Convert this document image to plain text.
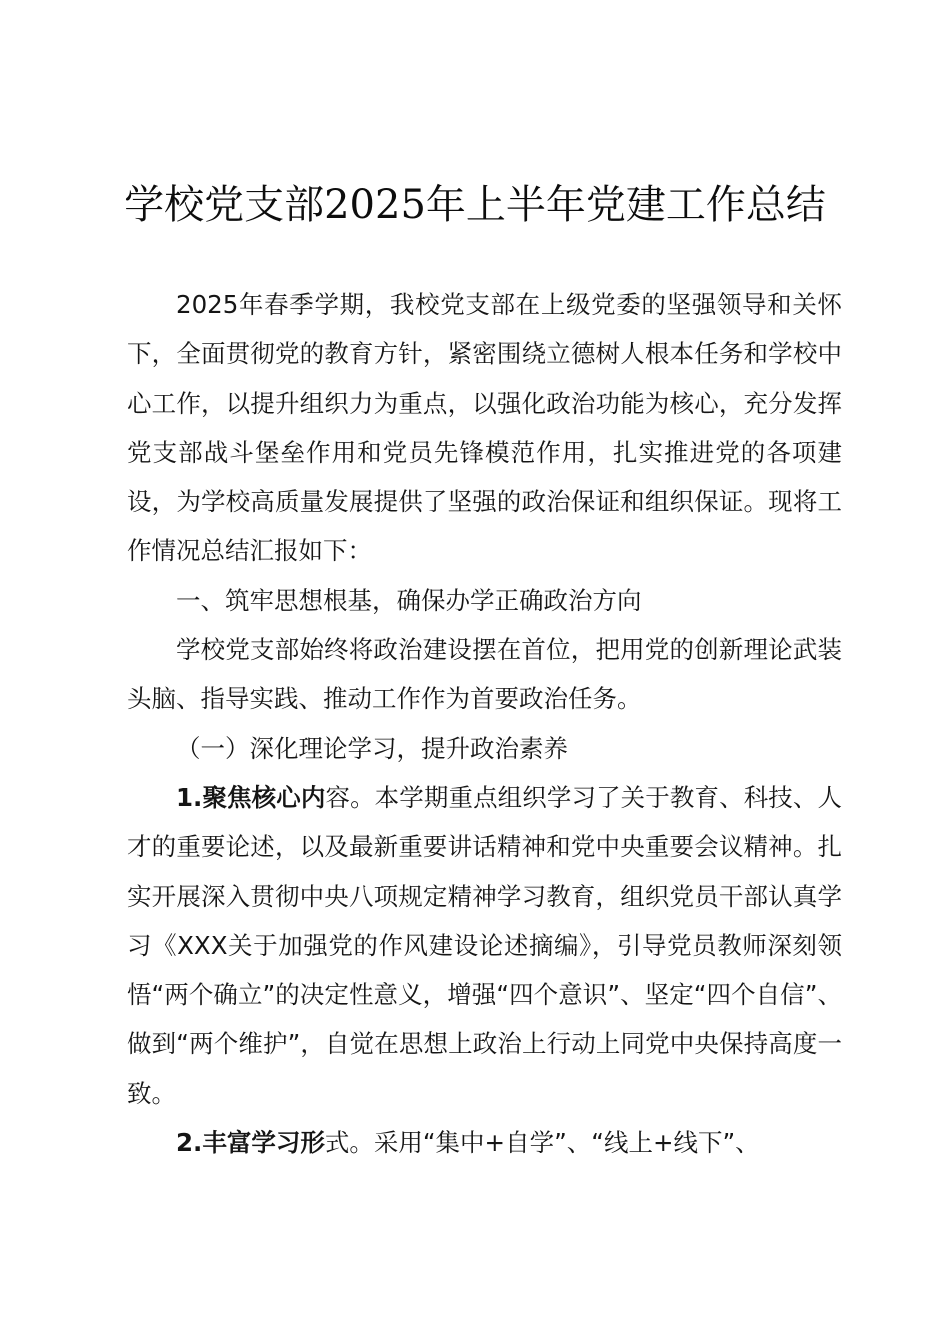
学校党支部2025年上半年党建工作总结

2025年春季学期，我校党支部在上级党委的坚强领导和关怀下，全面贯彻党的教育方针，紧密围绕立德树人根本任务和学校中心工作，以提升组织力为重点，以强化政治功能为核心，充分发挥党支部战斗堡垒作用和党员先锋模范作用，扎实推进党的各项建设，为学校高质量发展提供了坚强的政治保证和组织保证。现将工作情况总结汇报如下：

一、筑牢思想根基，确保办学正确政治方向

学校党支部始终将政治建设摆在首位，把用党的创新理论武装头脑、指导实践、推动工作作为首要政治任务。

（一）深化理论学习，提升政治素养

1.聚焦核心内容。本学期重点组织学习了关于教育、科技、人才的重要论述，以及最新重要讲话精神和党中央重要会议精神。扎实开展深入贯彻中央八项规定精神学习教育，组织党员干部认真学习《XXX关于加强党的作风建设论述摘编》，引导党员教师深刻领悟“两个确立”的决定性意义，增强“四个意识”、坚定“四个自信”、做到“两个维护”，自觉在思想上政治上行动上同党中央保持高度一致。

2.丰富学习形式。采用“集中+自学”、“线上+线下”、
